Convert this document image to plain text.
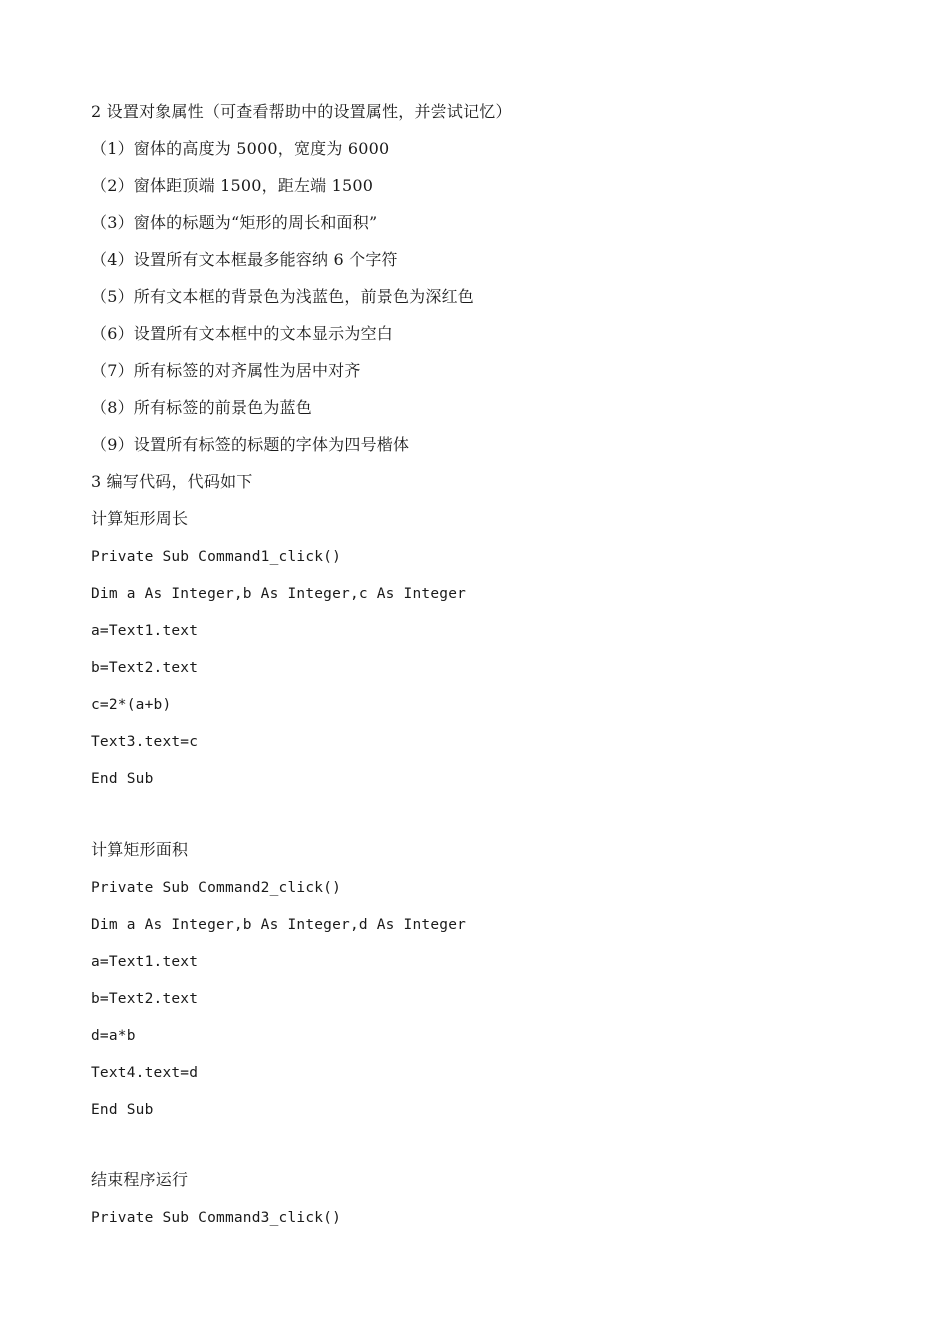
2 设置对象属性（可查看帮助中的设置属性，并尝试记忆）
（1）窗体的高度为 5000，宽度为 6000
（2）窗体距顶端 1500，距左端 1500
（3）窗体的标题为“矩形的周长和面积”
（4）设置所有文本框最多能容纳 6 个字符
（5）所有文本框的背景色为浅蓝色，前景色为深红色
（6）设置所有文本框中的文本显示为空白
（7）所有标签的对齐属性为居中对齐
（8）所有标签的前景色为蓝色
（9）设置所有标签的标题的字体为四号楷体
3 编写代码，代码如下
计算矩形周长
Private Sub Command1_click()
Dim a As Integer,b As Integer,c As Integer
a=Text1.text
b=Text2.text
c=2*(a+b)
Text3.text=c
End Sub
计算矩形面积
Private Sub Command2_click()
Dim a As Integer,b As Integer,d As Integer
a=Text1.text
b=Text2.text
d=a*b
Text4.text=d
End Sub
结束程序运行
Private Sub Command3_click()
